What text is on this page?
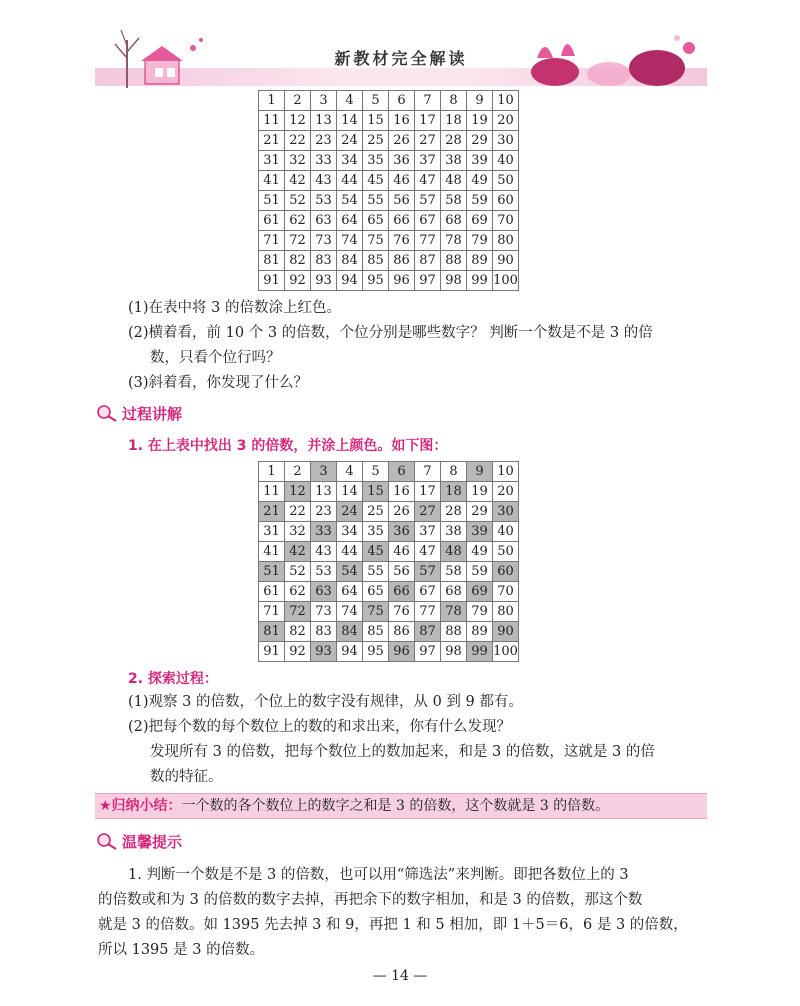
新教材完全解读
1	2	3	4	5	6	7	8	9	10
11	12	13	14	15	16	17	18	19	20
21	22	23	24	25	26	27	28	29	30
31	32	33	34	35	36	37	38	39	40
41	42	43	44	45	46	47	48	49	50
51	52	53	54	55	56	57	58	59	60
61	62	63	64	65	66	67	68	69	70
71	72	73	74	75	76	77	78	79	80
81	82	83	84	85	86	87	88	89	90
91	92	93	94	95	96	97	98	99	100
(1)在表中将 3 的倍数涂上红色。
(2)横着看，前 10 个 3 的倍数，个位分别是哪些数字？ 判断一个数是不是 3 的倍
数，只看个位行吗？
(3)斜着看，你发现了什么？
过程讲解
1. 在上表中找出 3 的倍数，并涂上颜色。如下图：
1	2	3	4	5	6	7	8	9	10
11	12	13	14	15	16	17	18	19	20
21	22	23	24	25	26	27	28	29	30
31	32	33	34	35	36	37	38	39	40
41	42	43	44	45	46	47	48	49	50
51	52	53	54	55	56	57	58	59	60
61	62	63	64	65	66	67	68	69	70
71	72	73	74	75	76	77	78	79	80
81	82	83	84	85	86	87	88	89	90
91	92	93	94	95	96	97	98	99	100
2. 探索过程：
(1)观察 3 的倍数，个位上的数字没有规律，从 0 到 9 都有。
(2)把每个数的每个数位上的数的和求出来，你有什么发现？
发现所有 3 的倍数，把每个数位上的数加起来，和是 3 的倍数，这就是 3 的倍
数的特征。
★归纳小结：一个数的各个数位上的数字之和是 3 的倍数，这个数就是 3 的倍数。
温馨提示

1. 判断一个数是不是 3 的倍数，也可以用“筛选法”来判断。即把各数位上的 3

的倍数或和为 3 的倍数的数字去掉，再把余下的数字相加，和是 3 的倍数，那这个数

就是 3 的倍数。如 1395 先去掉 3 和 9，再把 1 和 5 相加，即 1＋5＝6，6 是 3 的倍数，

所以 1395 是 3 的倍数。

— 14 —
